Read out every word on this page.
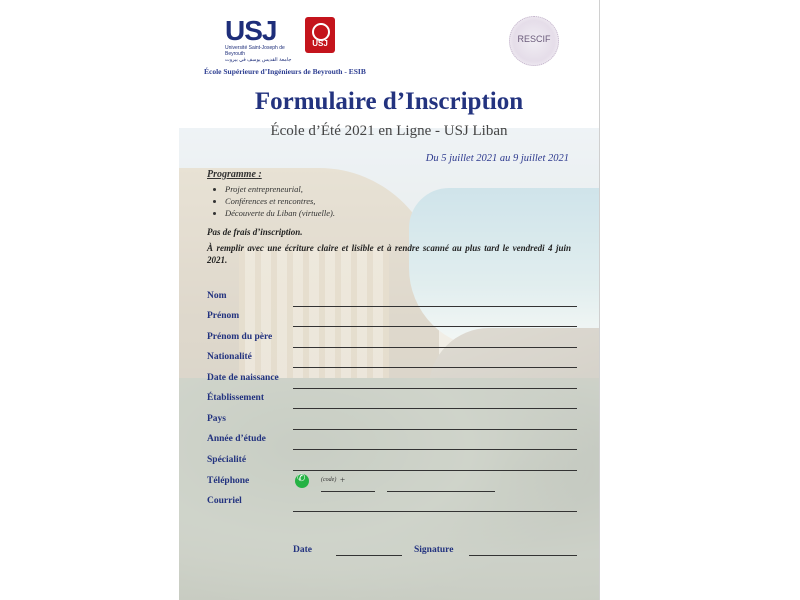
USJ
Université Saint-Joseph de Beyrouth
جامعة القديس يوسف في بيروت
USJ	RESCIF
École Supérieure d’Ingénieurs de Beyrouth - ESIB
Formulaire d’Inscription
École d’Été 2021 en Ligne - USJ Liban
Du 5 juillet 2021 au 9 juillet 2021
Programme :
• Projet entrepreneurial,
• Conférences et rencontres,
• Découverte du Liban (virtuelle).
Pas de frais d’inscription.
À remplir avec une écriture claire et lisible et à rendre scanné au plus tard le vendredi 4 juin 2021.
Nom
Prénom
Prénom du père
Nationalité
Date de naissance
Établissement
Pays
Année d’étude
Spécialité
Téléphone
✆	(code) +
Courriel
Date	Signature
